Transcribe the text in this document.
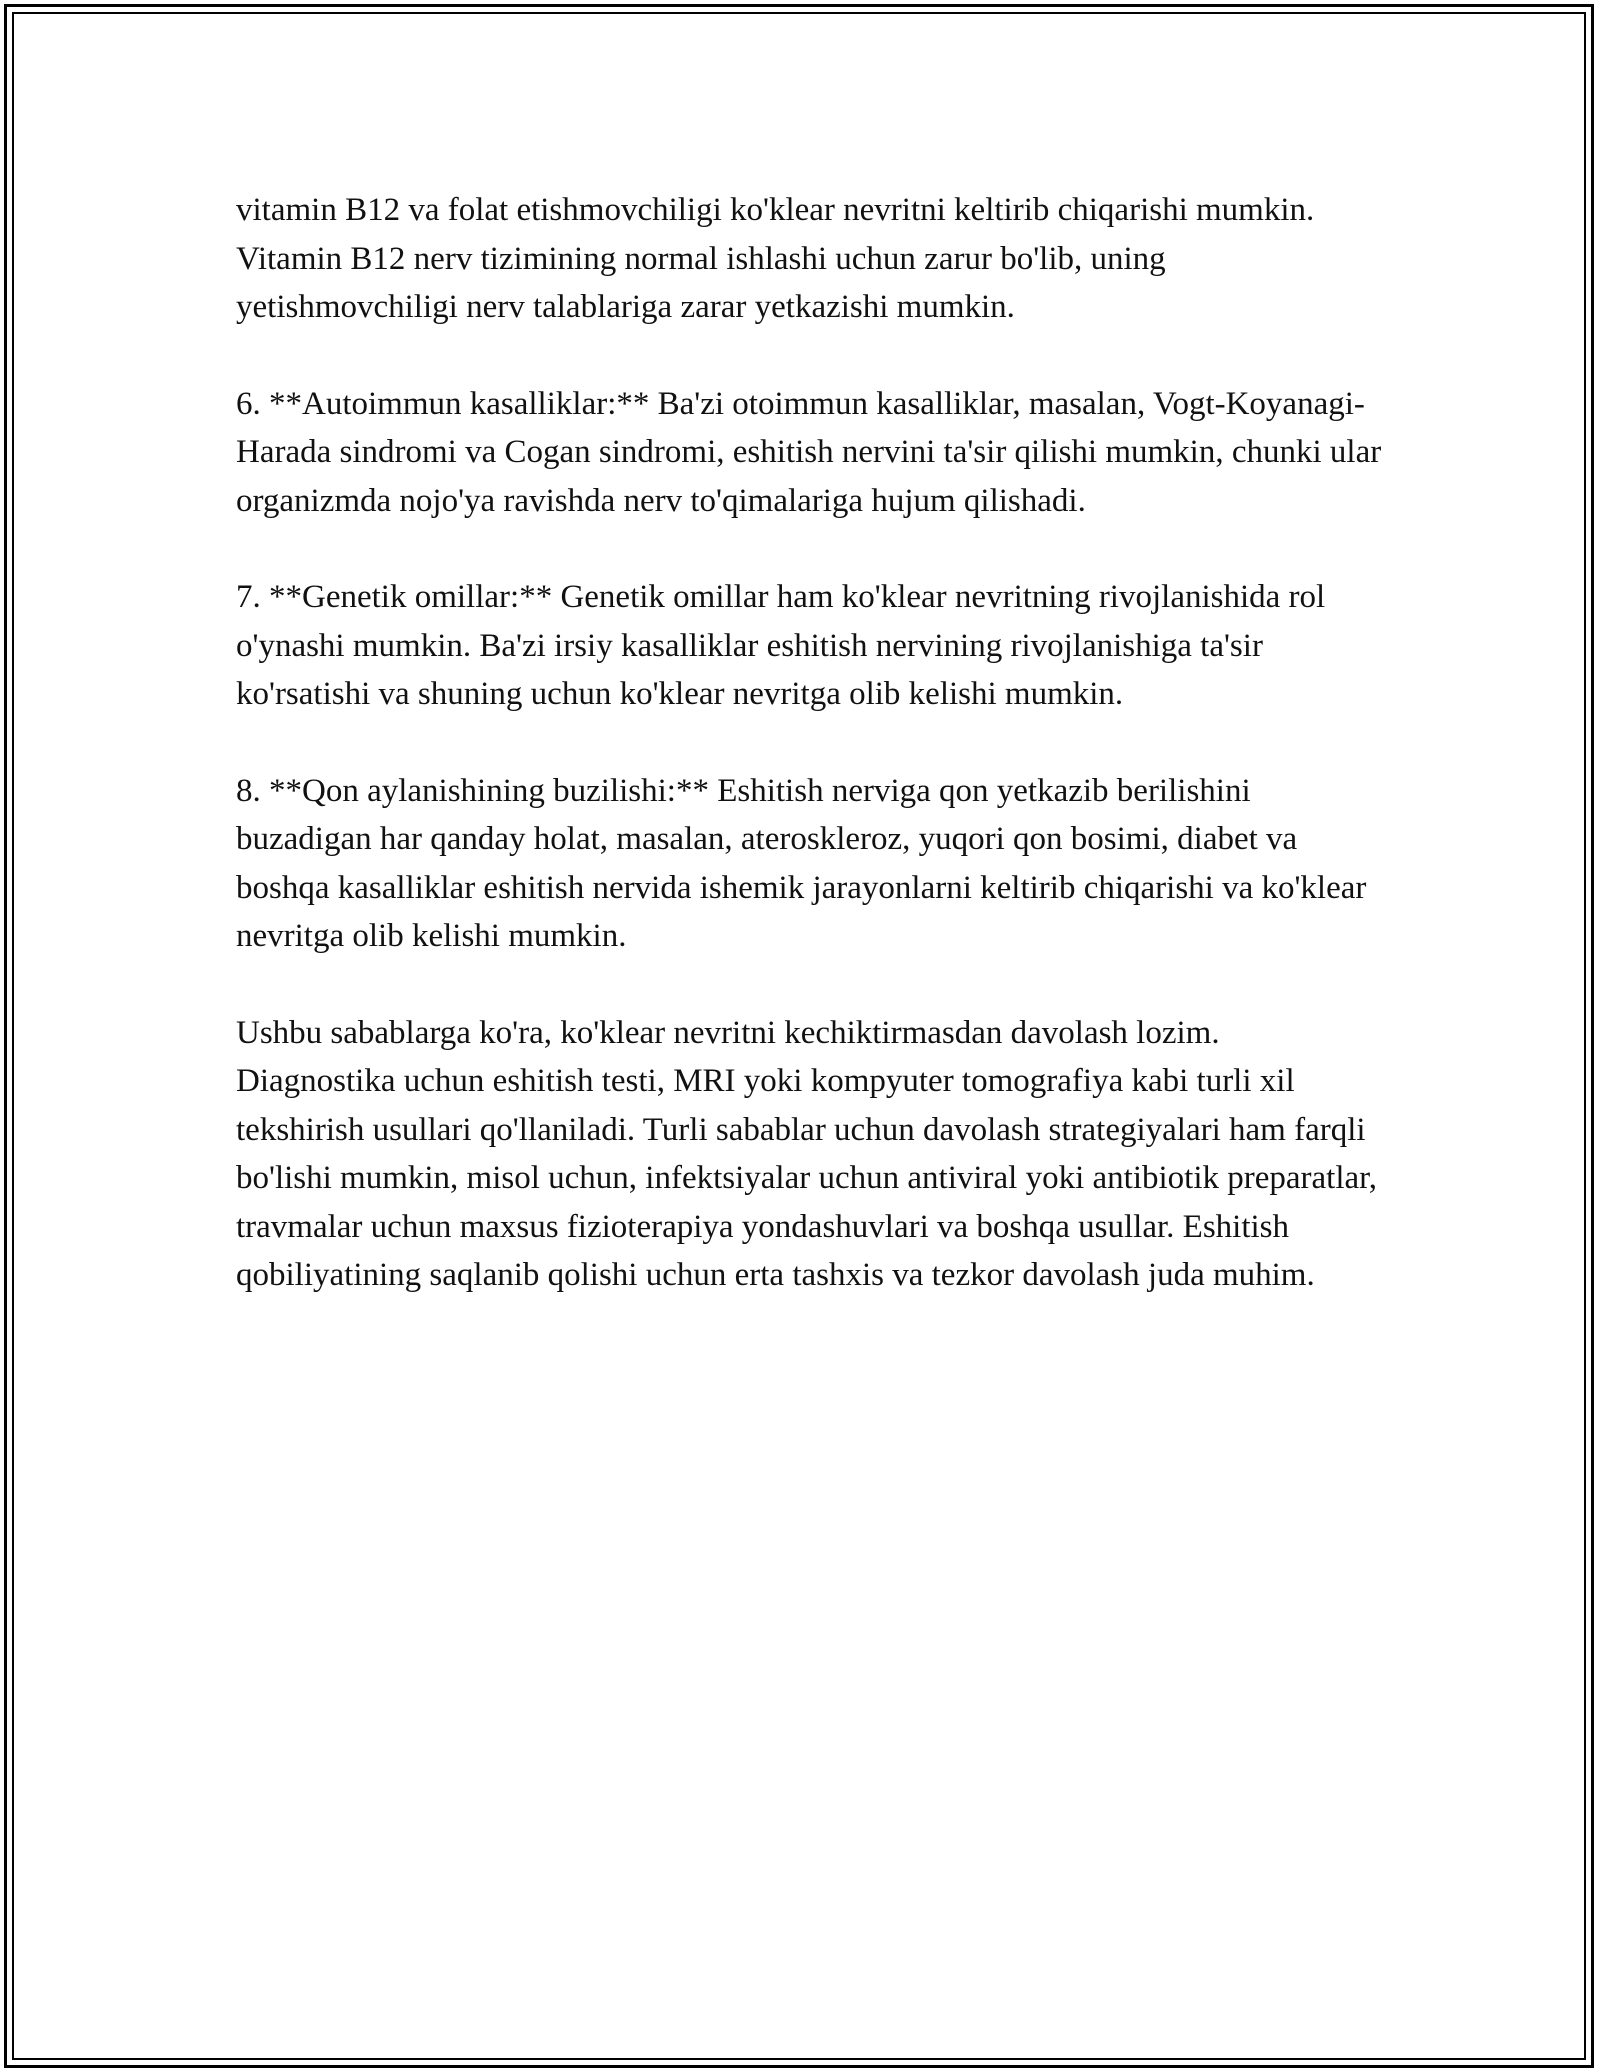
vitamin B12 va folat etishmovchiligi ko'klear nevritni keltirib chiqarishi mumkin. Vitamin B12 nerv tizimining normal ishlashi uchun zarur bo'lib, uning yetishmovchiligi nerv talablariga zarar yetkazishi mumkin.

6. **Autoimmun kasalliklar:** Ba'zi otoimmun kasalliklar, masalan, Vogt-Koyanagi-Harada sindromi va Cogan sindromi, eshitish nervini ta'sir qilishi mumkin, chunki ular organizmda nojo'ya ravishda nerv to'qimalariga hujum qilishadi.

7. **Genetik omillar:** Genetik omillar ham ko'klear nevritning rivojlanishida rol o'ynashi mumkin. Ba'zi irsiy kasalliklar eshitish nervining rivojlanishiga ta'sir ko'rsatishi va shuning uchun ko'klear nevritga olib kelishi mumkin.

8. **Qon aylanishining buzilishi:** Eshitish nerviga qon yetkazib berilishini buzadigan har qanday holat, masalan, ateroskleroz, yuqori qon bosimi, diabet va boshqa kasalliklar eshitish nervida ishemik jarayonlarni keltirib chiqarishi va ko'klear nevritga olib kelishi mumkin.

Ushbu sabablarga ko'ra, ko'klear nevritni kechiktirmasdan davolash lozim. Diagnostika uchun eshitish testi, MRI yoki kompyuter tomografiya kabi turli xil tekshirish usullari qo'llaniladi. Turli sabablar uchun davolash strategiyalari ham farqli bo'lishi mumkin, misol uchun, infektsiyalar uchun antiviral yoki antibiotik preparatlar, travmalar uchun maxsus fizioterapiya yondashuvlari va boshqa usullar. Eshitish qobiliyatining saqlanib qolishi uchun erta tashxis va tezkor davolash juda muhim.
